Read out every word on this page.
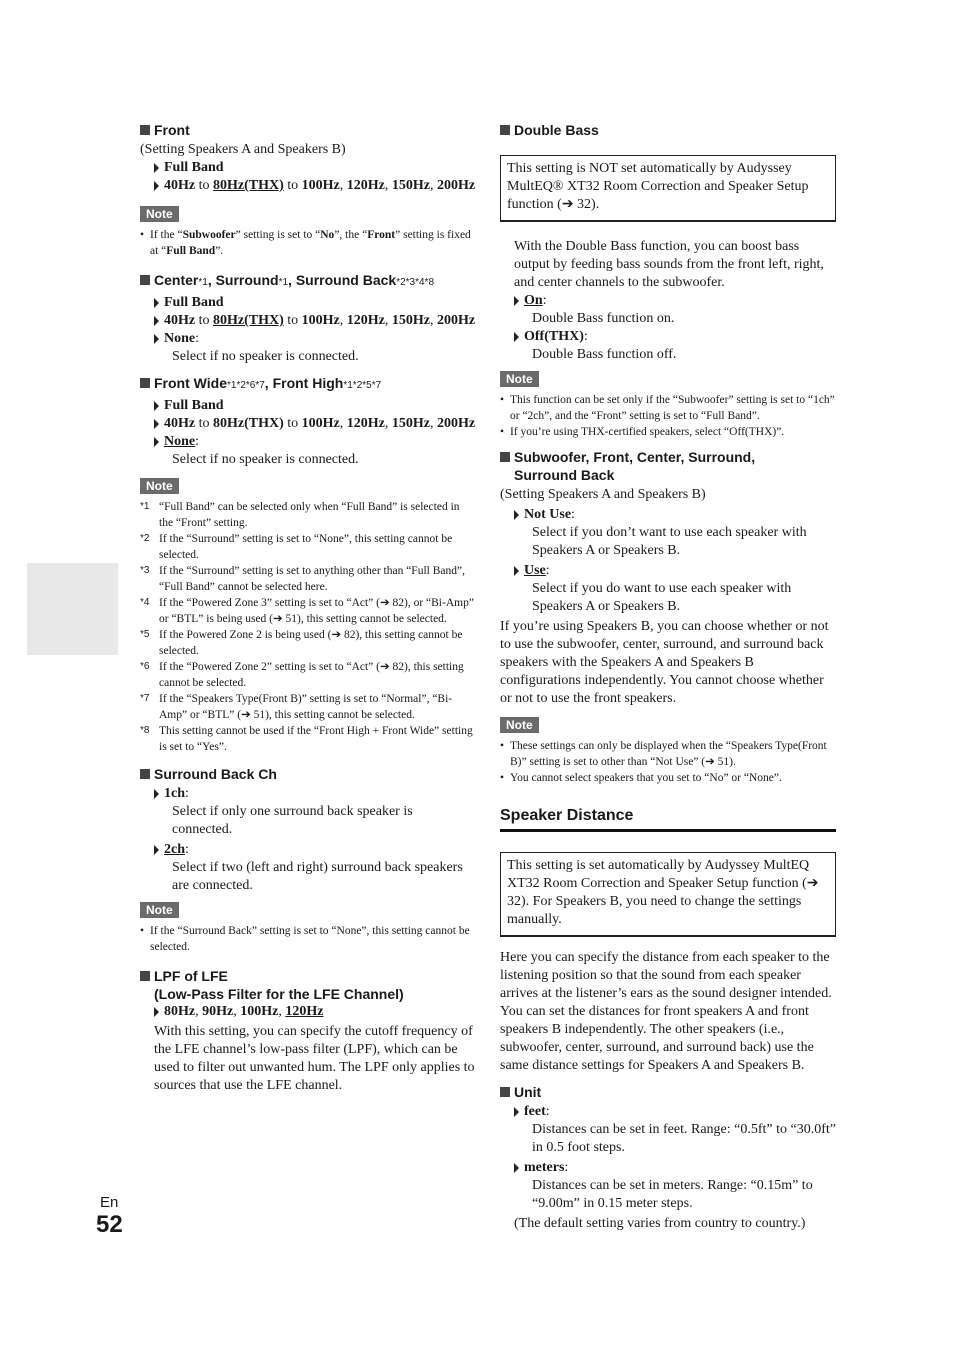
Front
(Setting Speakers A and Speakers B)
Full Band
40Hz to 80Hz(THX) to 100Hz, 120Hz, 150Hz, 200Hz
Note
• If the “Subwoofer” setting is set to “No”, the “Front” setting is fixed at “Full Band”.
Center*1, Surround*1, Surround Back*2*3*4*8
Full Band
40Hz to 80Hz(THX) to 100Hz, 120Hz, 150Hz, 200Hz
None:
Select if no speaker is connected.
Front Wide*1*2*6*7, Front High*1*2*5*7
Full Band
40Hz to 80Hz(THX) to 100Hz, 120Hz, 150Hz, 200Hz
None:
Select if no speaker is connected.
Note
*1 “Full Band” can be selected only when “Full Band” is selected in the “Front” setting.
*2 If the “Surround” setting is set to “None”, this setting cannot be selected.
*3 If the “Surround” setting is set to anything other than “Full Band”, “Full Band” cannot be selected here.
*4 If the “Powered Zone 3” setting is set to “Act” (➔ 82), or “Bi-Amp” or “BTL” is being used (➔ 51), this setting cannot be selected.
*5 If the Powered Zone 2 is being used (➔ 82), this setting cannot be selected.
*6 If the “Powered Zone 2” setting is set to “Act” (➔ 82), this setting cannot be selected.
*7 If the “Speakers Type(Front B)” setting is set to “Normal”, “Bi-Amp” or “BTL” (➔ 51), this setting cannot be selected.
*8 This setting cannot be used if the “Front High + Front Wide” setting is set to “Yes”.
Surround Back Ch
1ch:
Select if only one surround back speaker is connected.
2ch:
Select if two (left and right) surround back speakers are connected.
Note
• If the “Surround Back” setting is set to “None”, this setting cannot be selected.
LPF of LFE
(Low-Pass Filter for the LFE Channel)
80Hz, 90Hz, 100Hz, 120Hz
With this setting, you can specify the cutoff frequency of the LFE channel’s low-pass filter (LPF), which can be used to filter out unwanted hum. The LPF only applies to sources that use the LFE channel.
Double Bass
This setting is NOT set automatically by Audyssey MultEQ® XT32 Room Correction and Speaker Setup function (➔ 32).
With the Double Bass function, you can boost bass output by feeding bass sounds from the front left, right, and center channels to the subwoofer.
On:
Double Bass function on.
Off(THX):
Double Bass function off.
Note
• This function can be set only if the “Subwoofer” setting is set to “1ch” or “2ch”, and the “Front” setting is set to “Full Band”.
• If you’re using THX-certified speakers, select “Off(THX)”.
Subwoofer, Front, Center, Surround,
Surround Back
(Setting Speakers A and Speakers B)
Not Use:
Select if you don’t want to use each speaker with Speakers A or Speakers B.
Use:
Select if you do want to use each speaker with Speakers A or Speakers B.
If you’re using Speakers B, you can choose whether or not to use the subwoofer, center, surround, and surround back speakers with the Speakers A and Speakers B configurations independently. You cannot choose whether or not to use the front speakers.
Note
• These settings can only be displayed when the “Speakers Type(Front B)” setting is set to other than “Not Use” (➔ 51).
• You cannot select speakers that you set to “No” or “None”.
Speaker Distance
This setting is set automatically by Audyssey MultEQ XT32 Room Correction and Speaker Setup function (➔ 32). For Speakers B, you need to change the settings manually.
Here you can specify the distance from each speaker to the listening position so that the sound from each speaker arrives at the listener’s ears as the sound designer intended.
You can set the distances for front speakers A and front speakers B independently. The other speakers (i.e., subwoofer, center, surround, and surround back) use the same distance settings for Speakers A and Speakers B.
Unit
feet:
Distances can be set in feet. Range: “0.5ft” to “30.0ft” in 0.5 foot steps.
meters:
Distances can be set in meters. Range: “0.15m” to “9.00m” in 0.15 meter steps.
(The default setting varies from country to country.)
En
52
